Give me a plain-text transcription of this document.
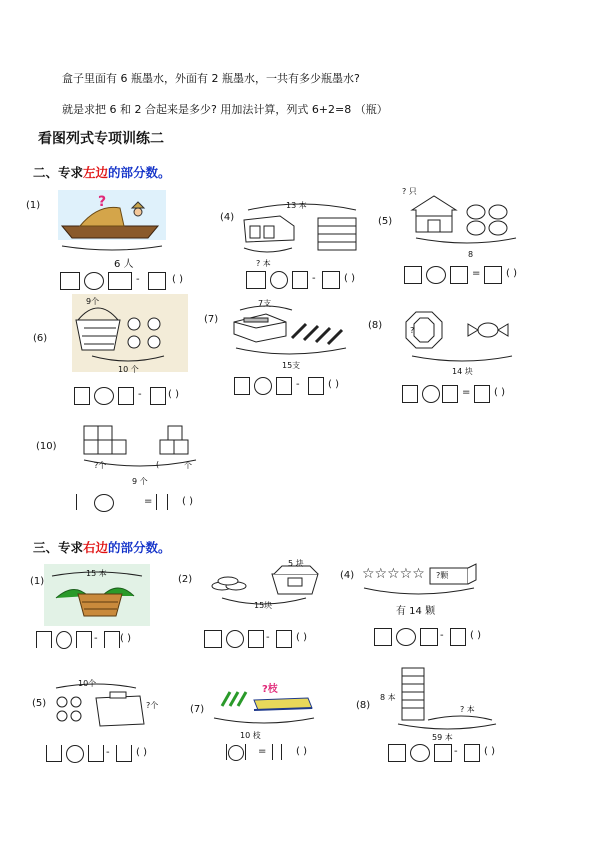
盒子里面有 6 瓶墨水，外面有 2 瓶墨水，一共有多少瓶墨水?
就是求把 6 和 2 合起来是多少? 用加法计算，列式 6+2=8 （瓶）
看图列式专项训练二
二、专求左边的部分数。
(1)	?
6 人
-	( )
(4)
13 本
? 本
-	( )
(5)
? 只
8
=	( )
(6)
9个
10 个
-	( )
(7)
7支
15支
-	( )
(8)	?
14 块
= ( )
(10)
?个	(	个
9 个
=	( )
三、专求右边的部分数。
(1)
15 本
- ( )
(2)
5 块
15块
-	( )
(4) ☆☆☆☆☆ ?颗
有 14 颗
-	( )
(5)
10个
?个
-	( )
(7)
?枝
10 枝
=	( )
(8)
8 本
? 本
59 本
-	( )
